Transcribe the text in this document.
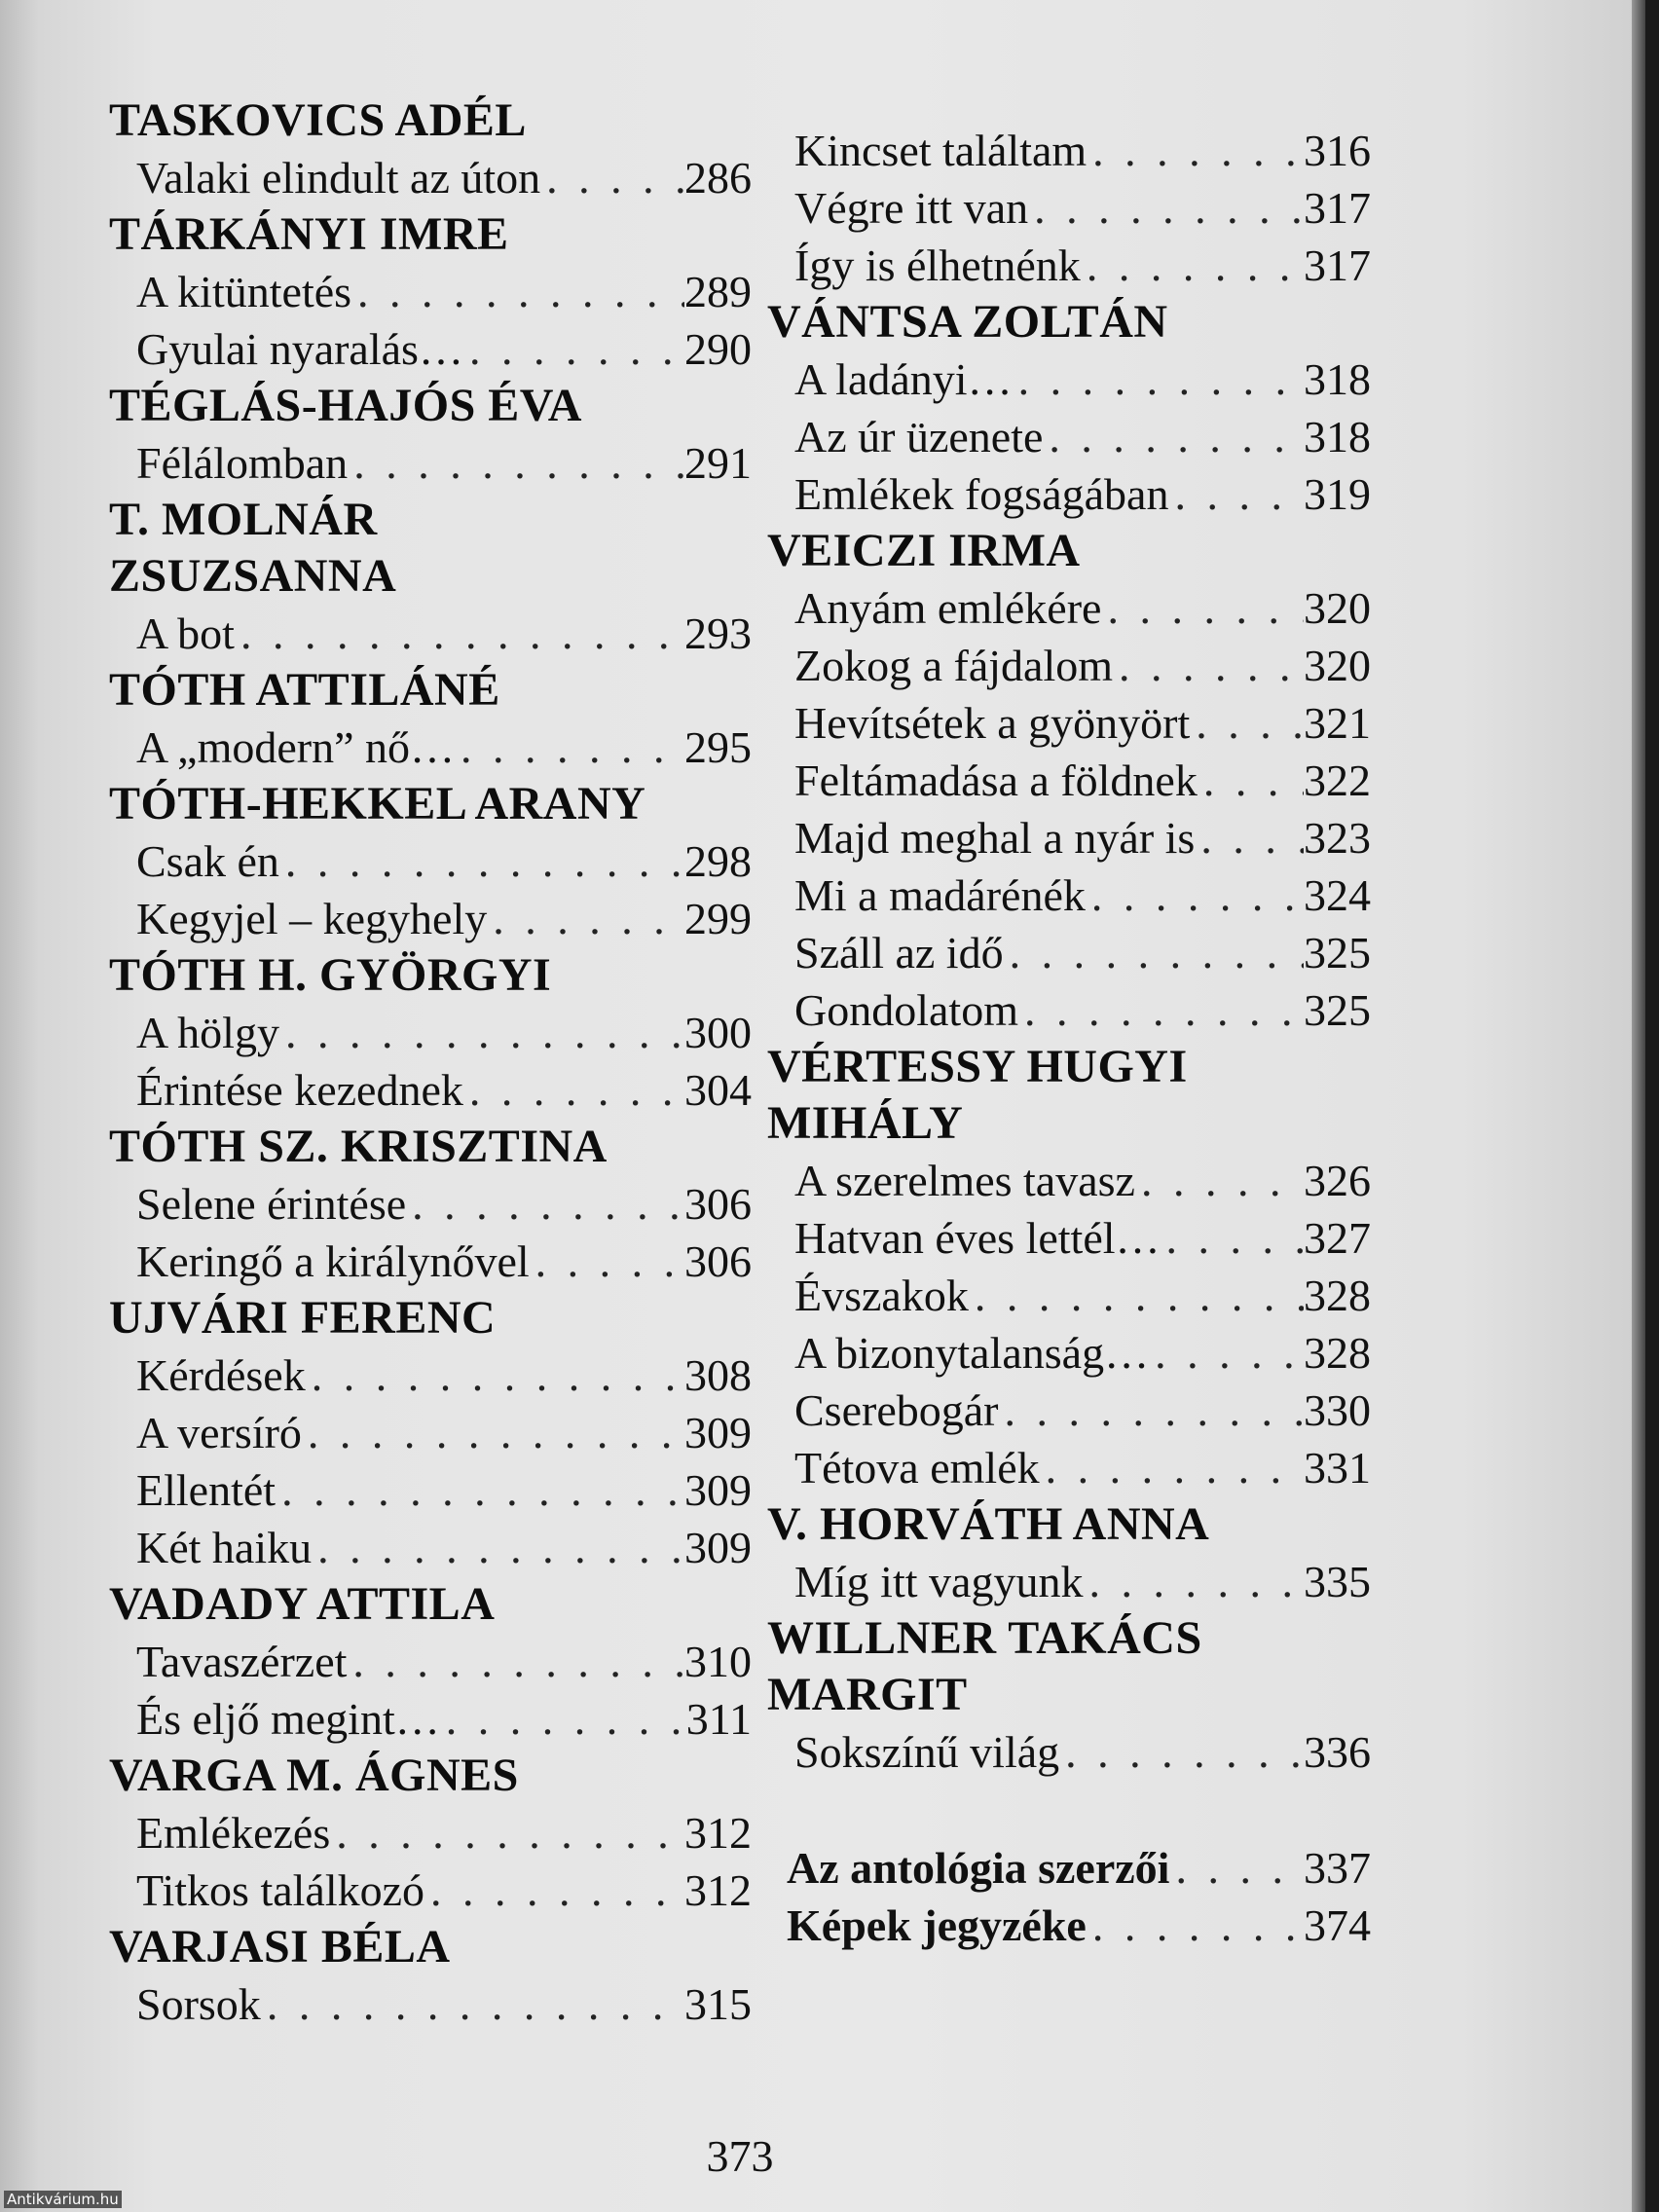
TASKOVICS ADÉL
Valaki elindult az úton . . .	286
TÁRKÁNYI IMRE
A kitüntetés . . .	289
Gyulai nyaralás… . . .	290
TÉGLÁS-HAJÓS ÉVA
Félálomban . . .	291
T. MOLNÁR
ZSUZSANNA
A bot . . .	293
TÓTH ATTILÁNÉ
A „modern” nő… . . .	295
TÓTH-HEKKEL ARANY
Csak én . . .	298
Kegyjel – kegyhely . . .	299
TÓTH H. GYÖRGYI
A hölgy . . .	300
Érintése kezednek . . .	304
TÓTH SZ. KRISZTINA
Selene érintése . . .	306
Keringő a királynővel . . .	306
UJVÁRI FERENC
Kérdések . . .	308
A versíró . . .	309
Ellentét . . .	309
Két haiku . . .	309
VADADY ATTILA
Tavaszérzet . . .	310
És eljő megint… . . .	311
VARGA M. ÁGNES
Emlékezés . . .	312
Titkos találkozó . . .	312
VARJASI BÉLA
Sorsok . . .	315
Kincset találtam . . .	316
Végre itt van . . .	317
Így is élhetnénk . . .	317
VÁNTSA ZOLTÁN
A ladányi… . . .	318
Az úr üzenete . . .	318
Emlékek fogságában . . .	319
VEICZI IRMA
Anyám emlékére . . .	320
Zokog a fájdalom . . .	320
Hevítsétek a gyönyört . . .	321
Feltámadása a földnek . . . 322
Majd meghal a nyár is . . . 323
Mi a madárénék . . .	324
Száll az idő . . .	325
Gondolatom . . .	325
VÉRTESSY HUGYI
MIHÁLY
A szerelmes tavasz . . .	326
Hatvan éves lettél… . . .	327
Évszakok . . .	328
A bizonytalanság… . . .	328
Cserebogár . . .	330
Tétova emlék . . .	331
V. HORVÁTH ANNA
Míg itt vagyunk . . .	335
WILLNER TAKÁCS
MARGIT
Sokszínű világ . . .	336
Az antológia szerzői . . .	337
Képek jegyzéke . . .	374
373
Antikvárium.hu
